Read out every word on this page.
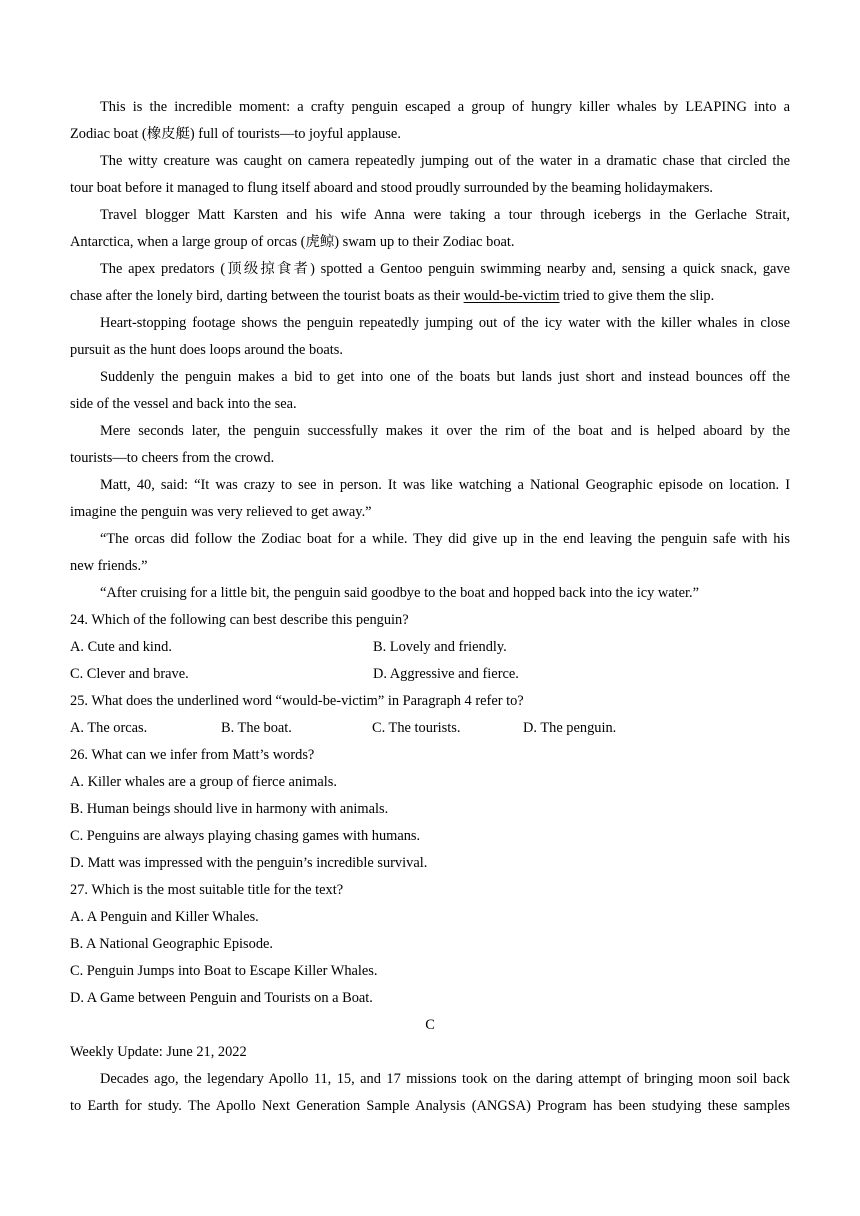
This is the incredible moment: a crafty penguin escaped a group of hungry killer whales by LEAPING into a
Zodiac boat (橡皮艇) full of tourists—to joyful applause.
The witty creature was caught on camera repeatedly jumping out of the water in a dramatic chase that circled the
tour boat before it managed to flung itself aboard and stood proudly surrounded by the beaming holidaymakers.
Travel blogger Matt Karsten and his wife Anna were taking a tour through icebergs in the Gerlache Strait,
Antarctica, when a large group of orcas (虎鲸) swam up to their Zodiac boat.
The apex predators (顶级掠食者) spotted a Gentoo penguin swimming nearby and, sensing a quick snack, gave
chase after the lonely bird, darting between the tourist boats as their would-be-victim tried to give them the slip.
Heart-stopping footage shows the penguin repeatedly jumping out of the icy water with the killer whales in close
pursuit as the hunt does loops around the boats.
Suddenly the penguin makes a bid to get into one of the boats but lands just short and instead bounces off the
side of the vessel and back into the sea.
Mere seconds later, the penguin successfully makes it over the rim of the boat and is helped aboard by the
tourists—to cheers from the crowd.
Matt, 40, said: “It was crazy to see in person. It was like watching a National Geographic episode on location. I
imagine the penguin was very relieved to get away.”
“The orcas did follow the Zodiac boat for a while. They did give up in the end leaving the penguin safe with his
new friends.”
“After cruising for a little bit, the penguin said goodbye to the boat and hopped back into the icy water.”
24. Which of the following can best describe this penguin?
A. Cute and kind.	B. Lovely and friendly.
C. Clever and brave.	D. Aggressive and fierce.
25. What does the underlined word “would-be-victim” in Paragraph 4 refer to?
A. The orcas.	B. The boat.	C. The tourists.	D. The penguin.
26. What can we infer from Matt’s words?
A. Killer whales are a group of fierce animals.
B. Human beings should live in harmony with animals.
C. Penguins are always playing chasing games with humans.
D. Matt was impressed with the penguin’s incredible survival.
27. Which is the most suitable title for the text?
A. A Penguin and Killer Whales.
B. A National Geographic Episode.
C. Penguin Jumps into Boat to Escape Killer Whales.
D. A Game between Penguin and Tourists on a Boat.
C
Weekly Update: June 21, 2022
Decades ago, the legendary Apollo 11, 15, and 17 missions took on the daring attempt of bringing moon soil back
to Earth for study. The Apollo Next Generation Sample Analysis (ANGSA) Program has been studying these samples
